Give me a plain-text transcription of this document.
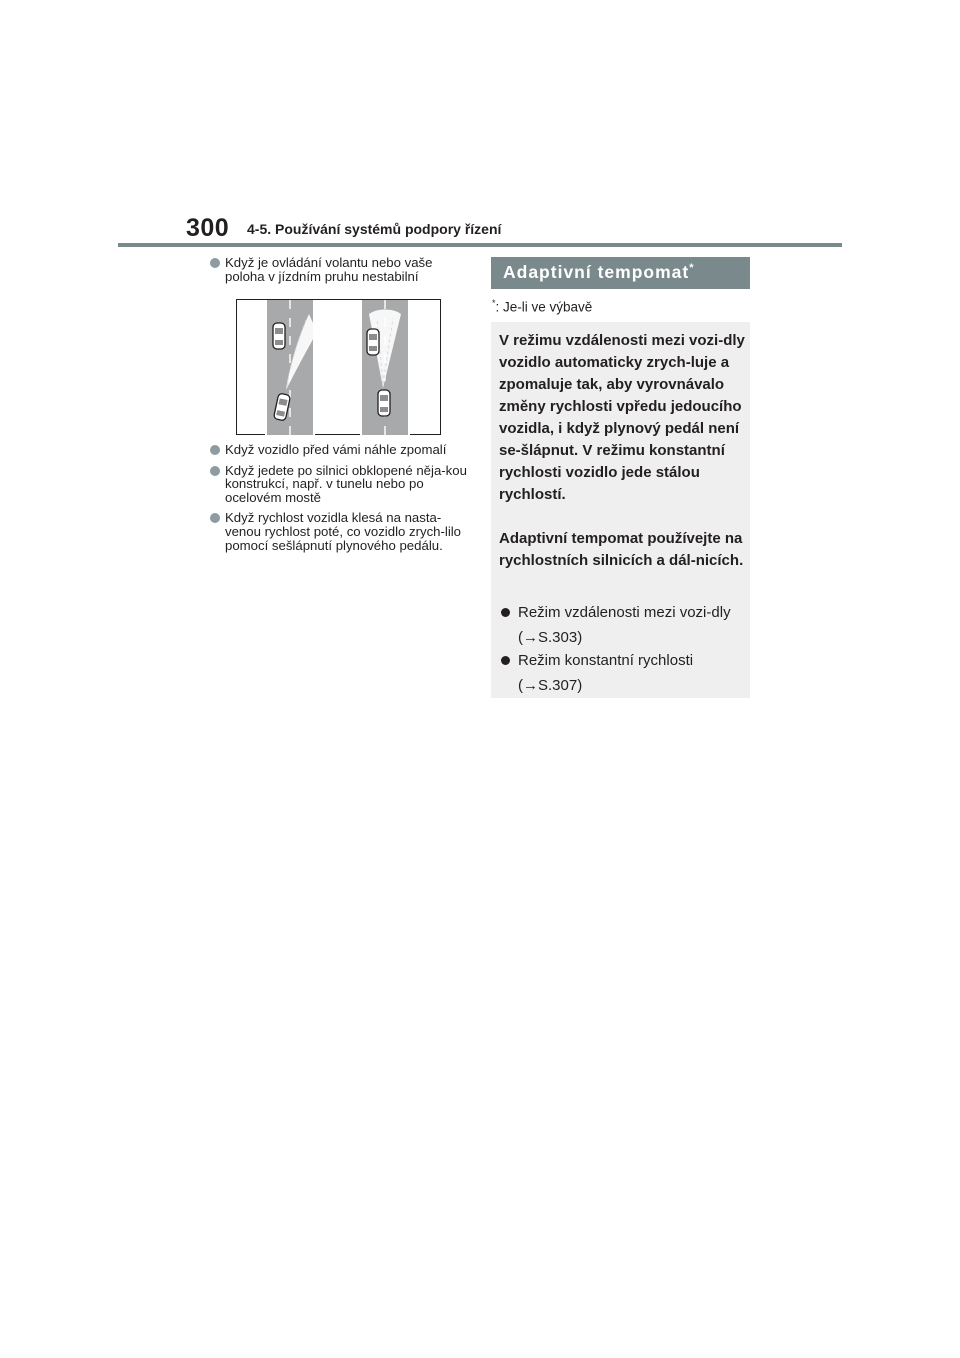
300 4-5. Používání systémů podpory řízení
Když je ovládání volantu nebo vaše poloha v jízdním pruhu nestabilní
Když vozidlo před vámi náhle zpomalí
Když jedete po silnici obklopené něja-kou konstrukcí, např. v tunelu nebo po ocelovém mostě
Když rychlost vozidla klesá na nasta-venou rychlost poté, co vozidlo zrych-lilo pomocí sešlápnutí plynového pedálu.
Adaptivní tempomat*
*: Je-li ve výbavě

V režimu vzdálenosti mezi vozi-dly vozidlo automaticky zrych-luje a zpomaluje tak, aby vyrovnávalo změny rychlosti vpředu jedoucího vozidla, i když plynový pedál není se-šlápnut. V režimu konstantní rychlosti vozidlo jede stálou rychlostí.

Adaptivní tempomat používejte na rychlostních silnicích a dál-nicích.

Režim vzdálenosti mezi vozi-dly (→S.303)
Režim konstantní rychlosti (→S.307)
